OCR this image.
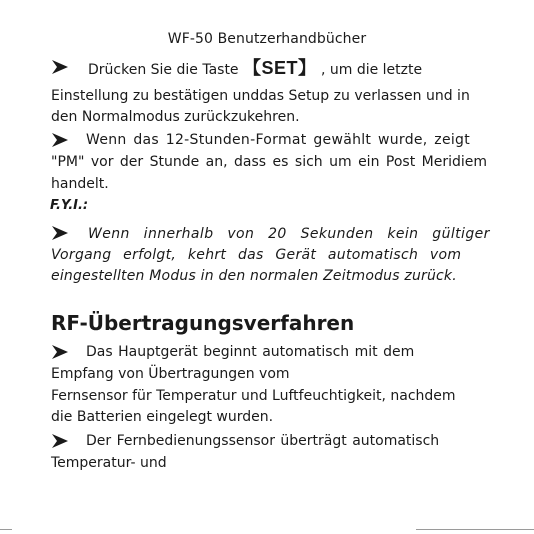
WF-50 Benutzerhandbücher
Drücken Sie die Taste 【SET】 , um die letzte
Einstellung zu bestätigen unddas Setup zu verlassen und in
den Normalmodus zurückzukehren.
Wenn das 12-Stunden-Format gewählt wurde, zeigt
"PM" vor der Stunde an, dass es sich um ein Post Meridiem
handelt.
F.Y.I.:
Wenn innerhalb von 20 Sekunden kein gültiger
Vorgang erfolgt, kehrt das Gerät automatisch vom
eingestellten Modus in den normalen Zeitmodus zurück.
RF-Übertragungsverfahren
Das Hauptgerät beginnt automatisch mit dem
Empfang von Übertragungen vom
Fernsensor für Temperatur und Luftfeuchtigkeit, nachdem
die Batterien eingelegt wurden.
Der Fernbedienungssensor überträgt automatisch
Temperatur- und
